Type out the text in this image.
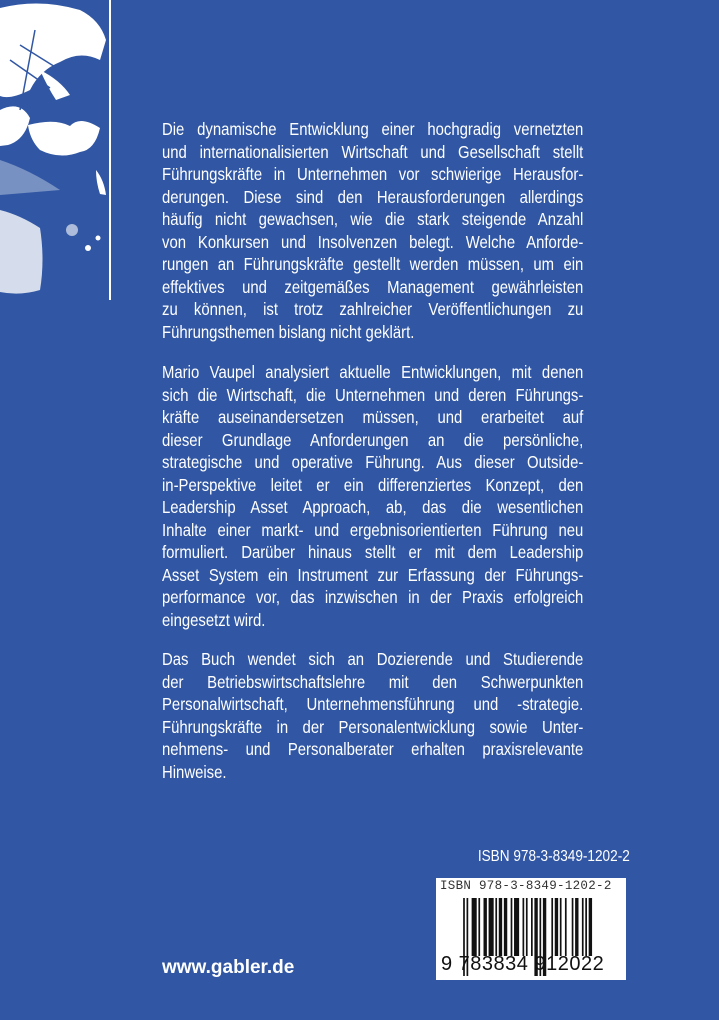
Die dynamische Entwicklung einer hochgradig vernetzten
und internationalisierten Wirtschaft und Gesellschaft stellt
Führungskräfte in Unternehmen vor schwierige Herausfor-
derungen. Diese sind den Herausforderungen allerdings
häufig nicht gewachsen, wie die stark steigende Anzahl
von Konkursen und Insolvenzen belegt. Welche Anforde-
rungen an Führungskräfte gestellt werden müssen, um ein
effektives und zeitgemäßes Management gewährleisten
zu können, ist trotz zahlreicher Veröffentlichungen zu
Führungsthemen bislang nicht geklärt.
Mario Vaupel analysiert aktuelle Entwicklungen, mit denen
sich die Wirtschaft, die Unternehmen und deren Führungs-
kräfte auseinandersetzen müssen, und erarbeitet auf
dieser Grundlage Anforderungen an die persönliche,
strategische und operative Führung. Aus dieser Outside-
in-Perspektive leitet er ein differenziertes Konzept, den
Leadership Asset Approach, ab, das die wesentlichen
Inhalte einer markt- und ergebnisorientierten Führung neu
formuliert. Darüber hinaus stellt er mit dem Leadership
Asset System ein Instrument zur Erfassung der Führungs-
performance vor, das inzwischen in der Praxis erfolgreich
eingesetzt wird.
Das Buch wendet sich an Dozierende und Studierende
der Betriebswirtschaftslehre mit den Schwerpunkten
Personalwirtschaft, Unternehmensführung und -strategie.
Führungskräfte in der Personalentwicklung sowie Unter-
nehmens- und Personalberater erhalten praxisrelevante
Hinweise.
ISBN 978-3-8349-1202-2
ISBN 978-3-8349-1202-2
9 783834 912022
www.gabler.de
